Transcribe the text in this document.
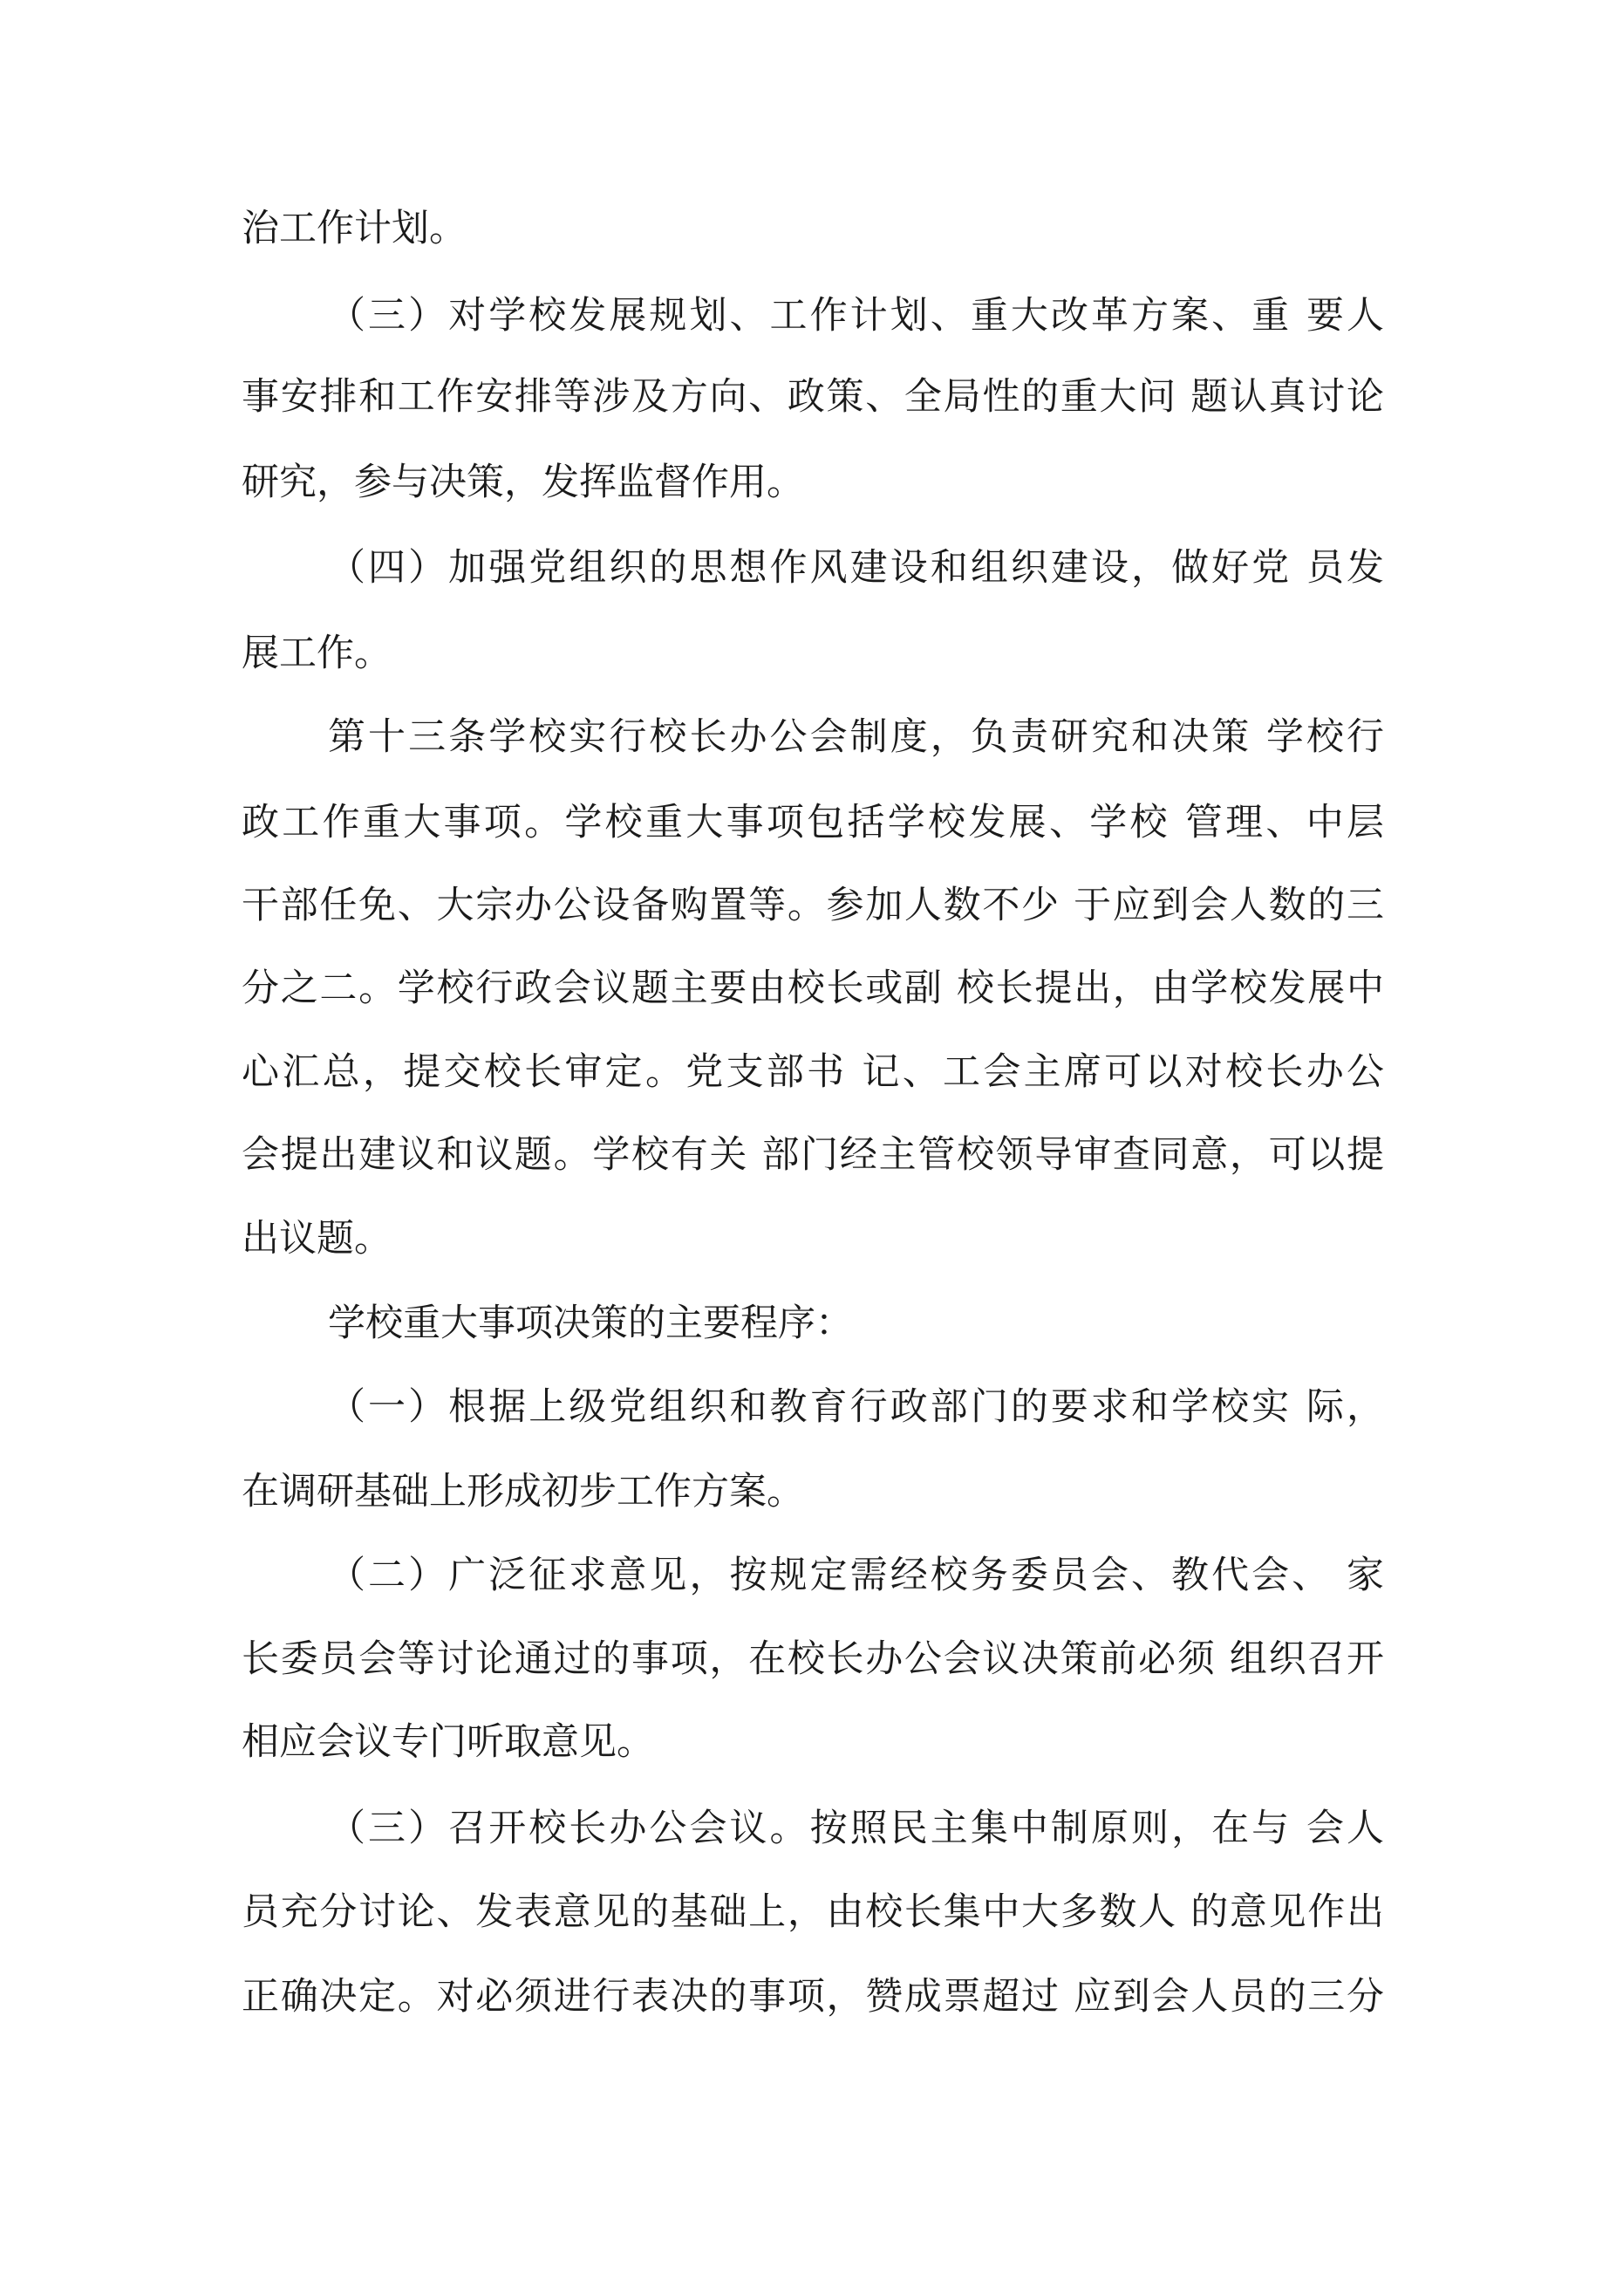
治工作计划。
（三）对学校发展规划、工作计划、重大改革方案、重 要人
事安排和工作安排等涉及方向、政策、全局性的重大问 题认真讨论
研究，参与决策，发挥监督作用。
（四）加强党组织的思想作风建设和组织建设，做好党 员发
展工作。
第十三条学校实行校长办公会制度，负责研究和决策 学校行
政工作重大事项。学校重大事项包括学校发展、学校 管理、中层
干部任免、大宗办公设备购置等。参加人数不少 于应到会人数的三
分之二。学校行政会议题主要由校长或副 校长提出，由学校发展中
心汇总，提交校长审定。党支部书 记、工会主席可以对校长办公
会提出建议和议题。学校有关 部门经主管校领导审查同意，可以提
出议题。
学校重大事项决策的主要程序：
（一）根据上级党组织和教育行政部门的要求和学校实 际，
在调研基础上形成初步工作方案。
（二）广泛征求意见，按规定需经校务委员会、教代会、 家
长委员会等讨论通过的事项，在校长办公会议决策前必须 组织召开
相应会议专门听取意见。
（三）召开校长办公会议。按照民主集中制原则，在与 会人
员充分讨论、发表意见的基础上，由校长集中大多数人 的意见作出
正确决定。对必须进行表决的事项，赞成票超过 应到会人员的三分
